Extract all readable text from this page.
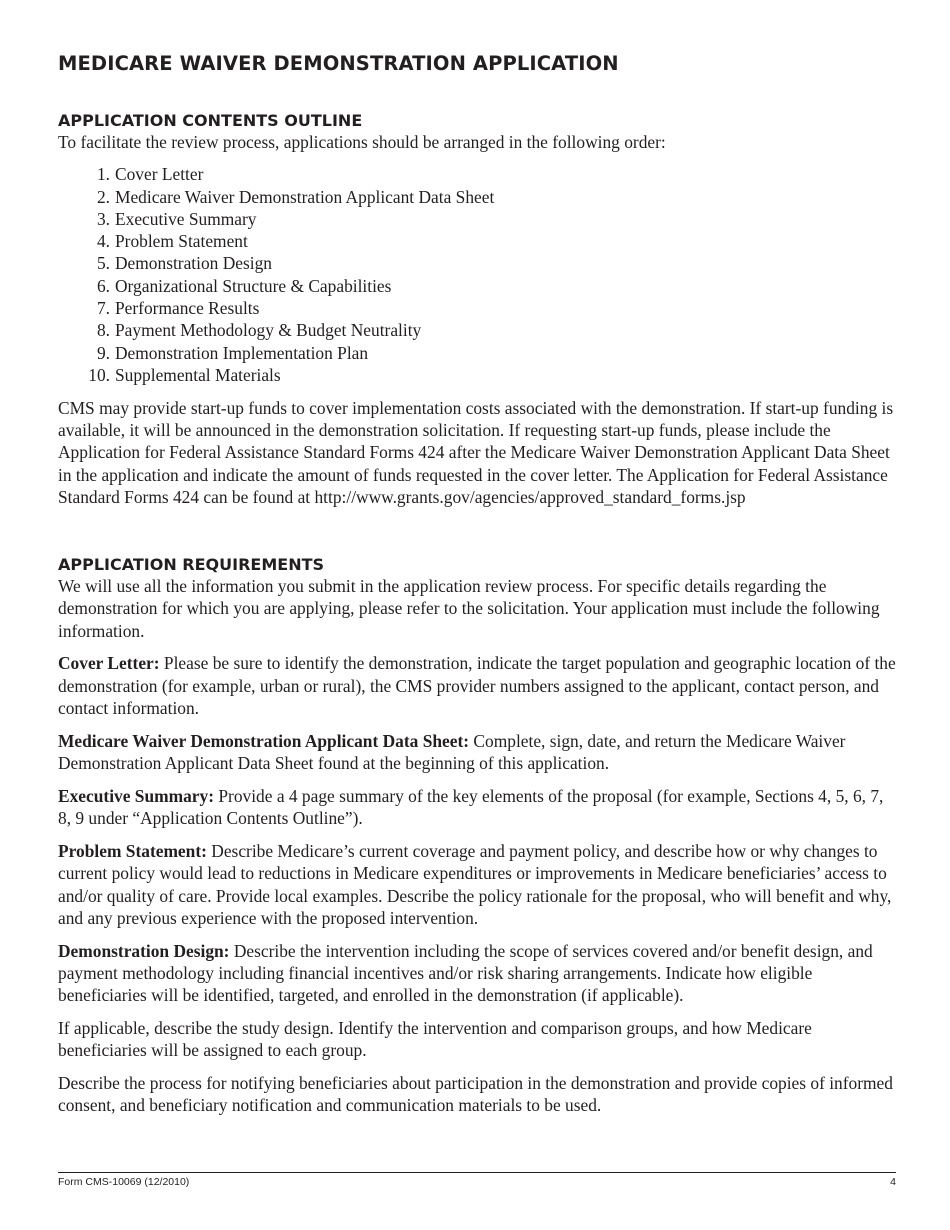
MEDICARE WAIVER DEMONSTRATION APPLICATION
APPLICATION CONTENTS OUTLINE

To facilitate the review process, applications should be arranged in the following order:

1. Cover Letter
2. Medicare Waiver Demonstration Applicant Data Sheet
3. Executive Summary
4. Problem Statement
5. Demonstration Design
6. Organizational Structure & Capabilities
7. Performance Results
8. Payment Methodology & Budget Neutrality
9. Demonstration Implementation Plan
10. Supplemental Materials

CMS may provide start-up funds to cover implementation costs associated with the demonstration. If start-up funding is available, it will be announced in the demonstration solicitation. If requesting start-up funds, please include the Application for Federal Assistance Standard Forms 424 after the Medicare Waiver Demonstration Applicant Data Sheet in the application and indicate the amount of funds requested in the cover letter. The Application for Federal Assistance Standard Forms 424 can be found at http://www.grants.gov/agencies/approved_standard_forms.jsp

APPLICATION REQUIREMENTS

We will use all the information you submit in the application review process. For specific details regarding the demonstration for which you are applying, please refer to the solicitation. Your application must include the following information.

Cover Letter: Please be sure to identify the demonstration, indicate the target population and geographic location of the demonstration (for example, urban or rural), the CMS provider numbers assigned to the applicant, contact person, and contact information.

Medicare Waiver Demonstration Applicant Data Sheet: Complete, sign, date, and return the Medicare Waiver Demonstration Applicant Data Sheet found at the beginning of this application.

Executive Summary: Provide a 4 page summary of the key elements of the proposal (for example, Sections 4, 5, 6, 7, 8, 9 under “Application Contents Outline”).

Problem Statement: Describe Medicare’s current coverage and payment policy, and describe how or why changes to current policy would lead to reductions in Medicare expenditures or improvements in Medicare beneficiaries’ access to and/or quality of care. Provide local examples. Describe the policy rationale for the proposal, who will benefit and why, and any previous experience with the proposed intervention.

Demonstration Design: Describe the intervention including the scope of services covered and/or benefit design, and payment methodology including financial incentives and/or risk sharing arrangements. Indicate how eligible beneficiaries will be identified, targeted, and enrolled in the demonstration (if applicable).

If applicable, describe the study design. Identify the intervention and comparison groups, and how Medicare beneficiaries will be assigned to each group.

Describe the process for notifying beneficiaries about participation in the demonstration and provide copies of informed consent, and beneficiary notification and communication materials to be used.

Form CMS-10069 (12/2010)	4
